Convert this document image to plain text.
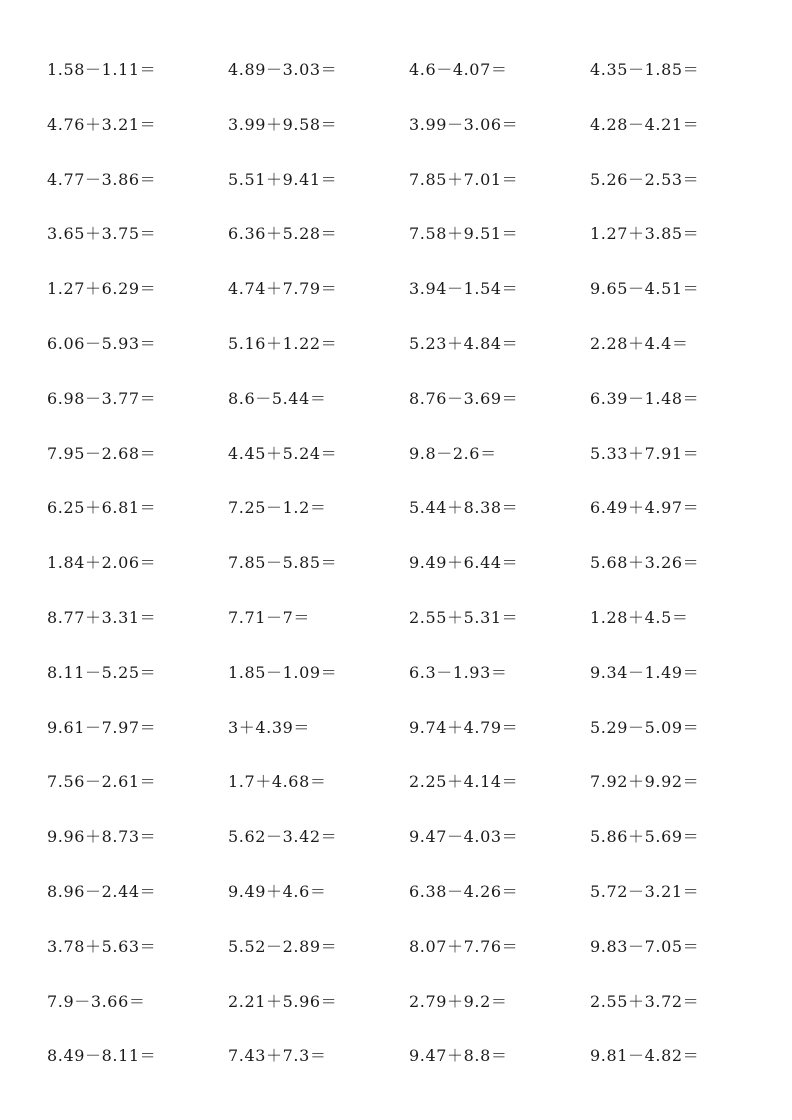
1.58－1.11＝	4.89－3.03＝	4.6－4.07＝	4.35－1.85＝
4.76＋3.21＝	3.99＋9.58＝	3.99－3.06＝	4.28－4.21＝
4.77－3.86＝	5.51＋9.41＝	7.85＋7.01＝	5.26－2.53＝
3.65＋3.75＝	6.36＋5.28＝	7.58＋9.51＝	1.27＋3.85＝
1.27＋6.29＝	4.74＋7.79＝	3.94－1.54＝	9.65－4.51＝
6.06－5.93＝	5.16＋1.22＝	5.23＋4.84＝	2.28＋4.4＝
6.98－3.77＝	8.6－5.44＝	8.76－3.69＝	6.39－1.48＝
7.95－2.68＝	4.45＋5.24＝	9.8－2.6＝	5.33＋7.91＝
6.25＋6.81＝	7.25－1.2＝	5.44＋8.38＝	6.49＋4.97＝
1.84＋2.06＝	7.85－5.85＝	9.49＋6.44＝	5.68＋3.26＝
8.77＋3.31＝	7.71－7＝	2.55＋5.31＝	1.28＋4.5＝
8.11－5.25＝	1.85－1.09＝	6.3－1.93＝	9.34－1.49＝
9.61－7.97＝	3＋4.39＝	9.74＋4.79＝	5.29－5.09＝
7.56－2.61＝	1.7＋4.68＝	2.25＋4.14＝	7.92＋9.92＝
9.96＋8.73＝	5.62－3.42＝	9.47－4.03＝	5.86＋5.69＝
8.96－2.44＝	9.49＋4.6＝	6.38－4.26＝	5.72－3.21＝
3.78＋5.63＝	5.52－2.89＝	8.07＋7.76＝	9.83－7.05＝
7.9－3.66＝	2.21＋5.96＝	2.79＋9.2＝	2.55＋3.72＝
8.49－8.11＝	7.43＋7.3＝	9.47＋8.8＝	9.81－4.82＝
